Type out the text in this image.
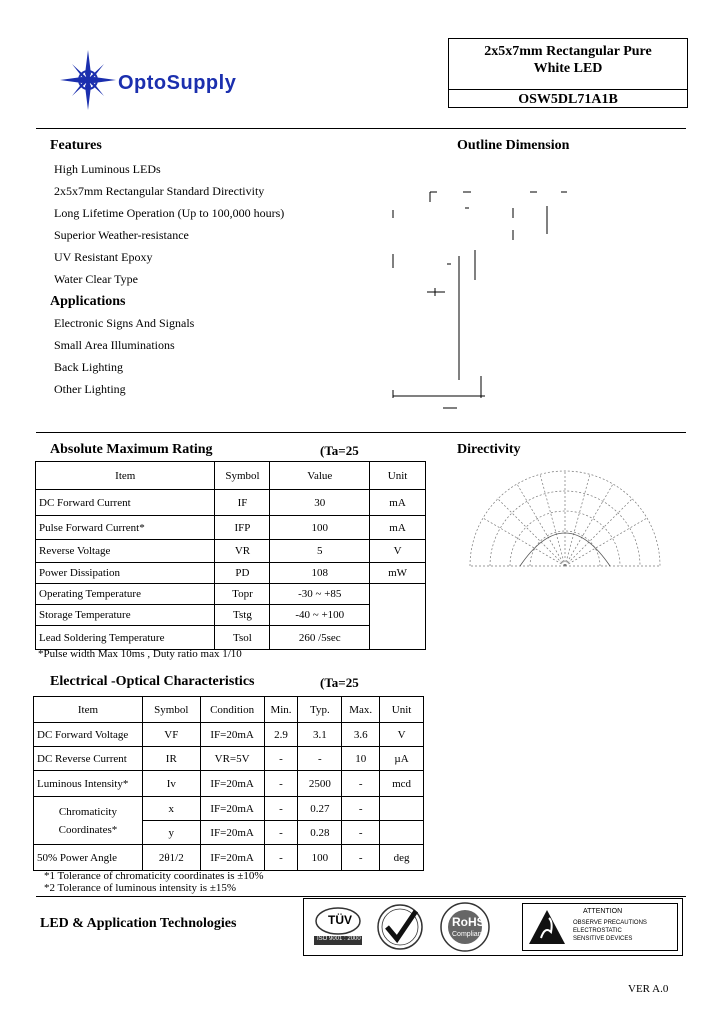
OptoSupply
2x5x7mm Rectangular Pure White LED
OSW5DL71A1B
Features
High Luminous LEDs
2x5x7mm Rectangular Standard Directivity
Long Lifetime Operation (Up to 100,000 hours)
Superior Weather-resistance
UV Resistant Epoxy
Water Clear Type
Applications
Electronic Signs And Signals
Small Area Illuminations
Back Lighting
Other Lighting
Outline Dimension
Directivity
Absolute Maximum Rating	(Ta=25
Item	Symbol	Value	Unit
DC Forward Current	IF	30	mA
Pulse Forward Current*	IFP	100	mA
Reverse Voltage	VR	5	V
Power Dissipation	PD	108	mW
Operating Temperature	Topr	-30 ~ +85	
Storage Temperature	Tstg	-40 ~ +100	
Lead Soldering Temperature	Tsol	260 /5sec	
*Pulse width Max 10ms , Duty ratio max 1/10
Electrical -Optical Characteristics	(Ta=25
Item	Symbol	Condition	Min.	Typ.	Max.	Unit
DC Forward Voltage	VF	IF=20mA	2.9	3.1	3.6	V
DC Reverse Current	IR	VR=5V	-	-	10	µA
Luminous Intensity*	Iv	IF=20mA	-	2500	-	mcd
Chromaticity Coordinates*	x	IF=20mA	-	0.27	-	
	y	IF=20mA	-	0.28	-	
50% Power Angle	2θ1/2	IF=20mA	-	100	-	deg
*1 Tolerance of chromaticity coordinates is ±10%
*2 Tolerance of luminous intensity is ±15%
LED & Application Technologies	TÜV
ISO 9001 : 2000
RoHS
Compliant
ATTENTION
OBSERVE PRECAUTIONS
ELECTROSTATIC
SENSITIVE DEVICES
VER A.0
